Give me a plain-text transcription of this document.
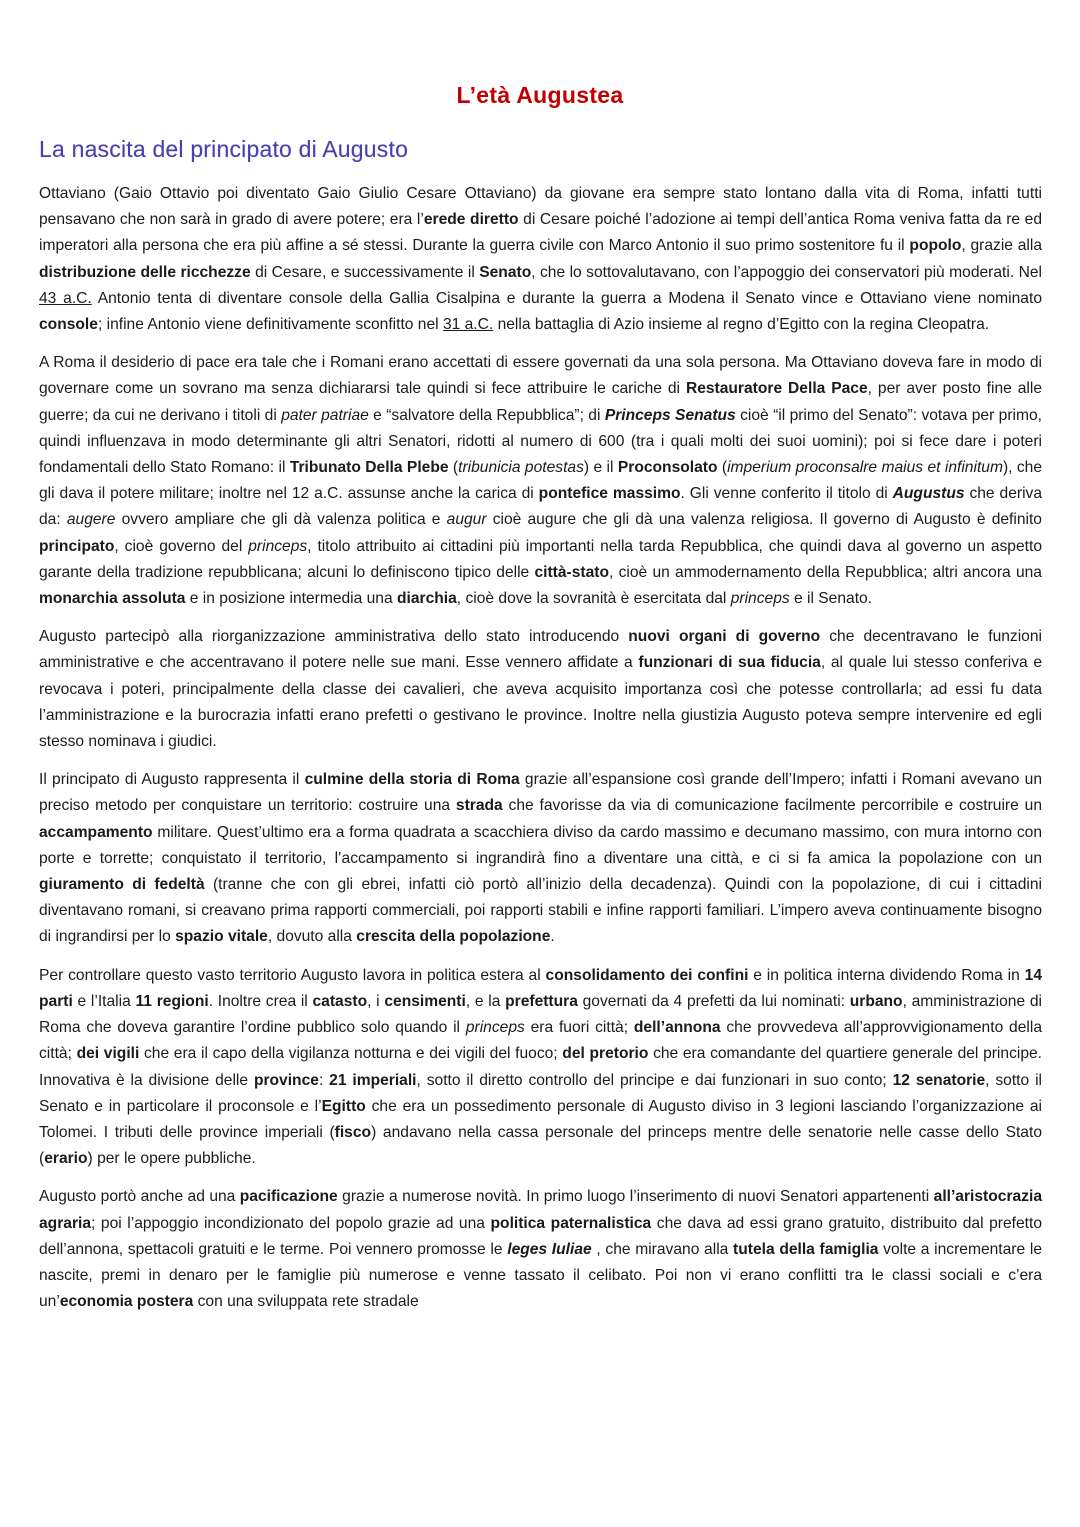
L’età Augustea
La nascita del principato di Augusto

Ottaviano (Gaio Ottavio poi diventato Gaio Giulio Cesare Ottaviano) da giovane era sempre stato lontano dalla vita di Roma, infatti tutti pensavano che non sarà in grado di avere potere; era l’erede diretto di Cesare poiché l’adozione ai tempi dell’antica Roma veniva fatta da re ed imperatori alla persona che era più affine a sé stessi. Durante la guerra civile con Marco Antonio il suo primo sostenitore fu il popolo, grazie alla distribuzione delle ricchezze di Cesare, e successivamente il Senato, che lo sottovalutavano, con l’appoggio dei conservatori più moderati. Nel 43 a.C. Antonio tenta di diventare console della Gallia Cisalpina e durante la guerra a Modena il Senato vince e Ottaviano viene nominato console; infine Antonio viene definitivamente sconfitto nel 31 a.C. nella battaglia di Azio insieme al regno d’Egitto con la regina Cleopatra.

A Roma il desiderio di pace era tale che i Romani erano accettati di essere governati da una sola persona. Ma Ottaviano doveva fare in modo di governare come un sovrano ma senza dichiararsi tale quindi si fece attribuire le cariche di Restauratore Della Pace, per aver posto fine alle guerre; da cui ne derivano i titoli di pater patriae e “salvatore della Repubblica”; di Princeps Senatus cioè “il primo del Senato”: votava per primo, quindi influenzava in modo determinante gli altri Senatori, ridotti al numero di 600 (tra i quali molti dei suoi uomini); poi si fece dare i poteri fondamentali dello Stato Romano: il Tribunato Della Plebe (tribunicia potestas) e il Proconsolato (imperium proconsalre maius et infinitum), che gli dava il potere militare; inoltre nel 12 a.C. assunse anche la carica di pontefice massimo. Gli venne conferito il titolo di Augustus che deriva da: augere ovvero ampliare che gli dà valenza politica e augur cioè augure che gli dà una valenza religiosa. Il governo di Augusto è definito principato, cioè governo del princeps, titolo attribuito ai cittadini più importanti nella tarda Repubblica, che quindi dava al governo un aspetto garante della tradizione repubblicana; alcuni lo definiscono tipico delle città-stato, cioè un ammodernamento della Repubblica; altri ancora una monarchia assoluta e in posizione intermedia una diarchia, cioè dove la sovranità è esercitata dal princeps e il Senato.

Augusto partecipò alla riorganizzazione amministrativa dello stato introducendo nuovi organi di governo che decentravano le funzioni amministrative e che accentravano il potere nelle sue mani. Esse vennero affidate a funzionari di sua fiducia, al quale lui stesso conferiva e revocava i poteri, principalmente della classe dei cavalieri, che aveva acquisito importanza così che potesse controllarla; ad essi fu data l’amministrazione e la burocrazia infatti erano prefetti o gestivano le province. Inoltre nella giustizia Augusto poteva sempre intervenire ed egli stesso nominava i giudici.

Il principato di Augusto rappresenta il culmine della storia di Roma grazie all’espansione così grande dell’Impero; infatti i Romani avevano un preciso metodo per conquistare un territorio: costruire una strada che favorisse da via di comunicazione facilmente percorribile e costruire un accampamento militare. Quest’ultimo era a forma quadrata a scacchiera diviso da cardo massimo e decumano massimo, con mura intorno con porte e torrette; conquistato il territorio, l’accampamento si ingrandirà fino a diventare una città, e ci si fa amica la popolazione con un giuramento di fedeltà (tranne che con gli ebrei, infatti ciò portò all’inizio della decadenza). Quindi con la popolazione, di cui i cittadini diventavano romani, si creavano prima rapporti commerciali, poi rapporti stabili e infine rapporti familiari. L’impero aveva continuamente bisogno di ingrandirsi per lo spazio vitale, dovuto alla crescita della popolazione.

Per controllare questo vasto territorio Augusto lavora in politica estera al consolidamento dei confini e in politica interna dividendo Roma in 14 parti e l’Italia 11 regioni. Inoltre crea il catasto, i censimenti, e la prefettura governati da 4 prefetti da lui nominati: urbano, amministrazione di Roma che doveva garantire l’ordine pubblico solo quando il princeps era fuori città; dell’annona che provvedeva all’approvvigionamento della città; dei vigili che era il capo della vigilanza notturna e dei vigili del fuoco; del pretorio che era comandante del quartiere generale del principe. Innovativa è la divisione delle province: 21 imperiali, sotto il diretto controllo del principe e dai funzionari in suo conto; 12 senatorie, sotto il Senato e in particolare il proconsole e l’Egitto che era un possedimento personale di Augusto diviso in 3 legioni lasciando l’organizzazione ai Tolomei. I tributi delle province imperiali (fisco) andavano nella cassa personale del princeps mentre delle senatorie nelle casse dello Stato (erario) per le opere pubbliche.

Augusto portò anche ad una pacificazione grazie a numerose novità. In primo luogo l’inserimento di nuovi Senatori appartenenti all’aristocrazia agraria; poi l’appoggio incondizionato del popolo grazie ad una politica paternalistica che dava ad essi grano gratuito, distribuito dal prefetto dell’annona, spettacoli gratuiti e le terme. Poi vennero promosse le leges Iuliae , che miravano alla tutela della famiglia volte a incrementare le nascite, premi in denaro per le famiglie più numerose e venne tassato il celibato. Poi non vi erano conflitti tra le classi sociali e c’era un’economia postera con una sviluppata rete stradale
